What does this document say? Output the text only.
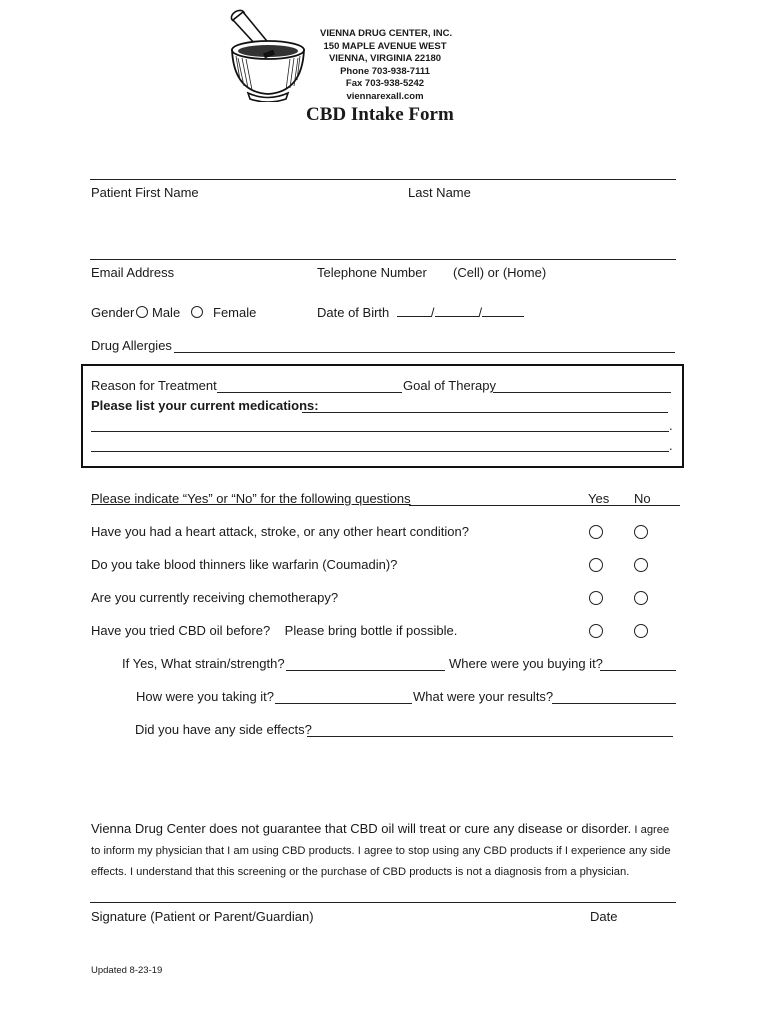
VIENNA DRUG CENTER, INC.
150 MAPLE AVENUE WEST
VIENNA, VIRGINIA 22180
Phone 703-938-7111
Fax 703-938-5242
viennarexall.com
CBD Intake Form
Patient First Name	Last Name
Email Address	Telephone Number (Cell) or (Home)
Gender Male	Female	Date of Birth	/	/
Drug Allergies
Reason for Treatment	Goal of Therapy
Please list your current medications:
.
.
Please indicate “Yes” or “No” for the following questions	Yes No
Have you had a heart attack, stroke, or any other heart condition?
Do you take blood thinners like warfarin (Coumadin)?
Are you currently receiving chemotherapy?
Have you tried CBD oil before?    Please bring bottle if possible.
If Yes, What strain/strength?	Where were you buying it?
How were you taking it?	What were your results?
Did you have any side effects?
Vienna Drug Center does not guarantee that CBD oil will treat or cure any disease or disorder. I agree to inform my physician that I am using CBD products. I agree to stop using any CBD products if I experience any side effects. I understand that this screening or the purchase of CBD products is not a diagnosis from a physician.
Signature (Patient or Parent/Guardian)	Date
Updated 8-23-19
